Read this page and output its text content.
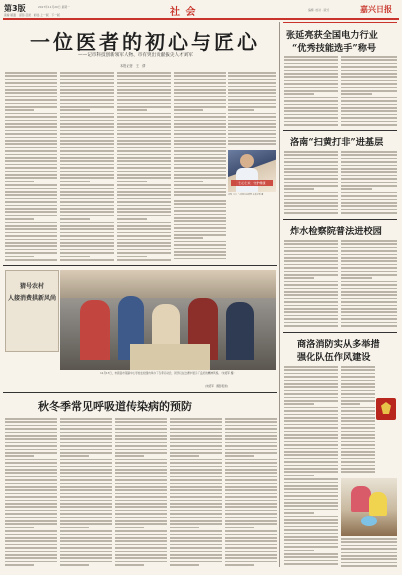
第3版
查看·版面　返回·目录　前往·上一版　下一版
2017年11月20日 星期一	社 会	编辑 ·校对 · 版式	嘉兴日报
一位医者的初心与匠心
——记市科技创新领军人物、市有突出贡献拔尖人才刘军
本报记者　王　倩
仁心仁术　守护健康
刘军（中）与同事讨论病例 本报记者 摄
张延亮获全国电力行业
“优秀技能选手”称号
洛南“扫黄打非”进基层
炸水检察院普法进校园
商洛消防实从多举措
强化队伍作风建设
猜号农村
人接消费拱新风尚
11月17日，市商洛市某镇中心学校在校园内举办了冬季运动会，同学们在比赛中展示了良好的精神风貌。（朱昭军 摄）
(朱昭军　摄影报道)
秋冬季常见呼吸道传染病的预防
